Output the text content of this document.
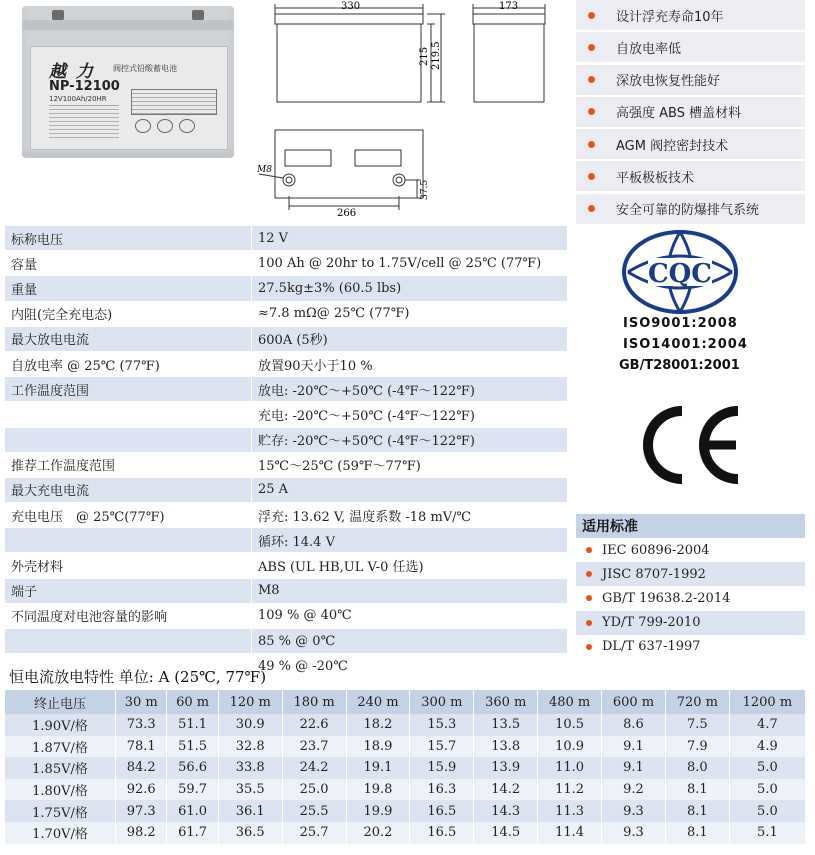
越 力 阀控式铅酸蓄电池
NP-12100
12V100Ah/20HR
330
215 219.5
173
M8
266
37.5
设计浮充寿命10年
自放电率低
深放电恢复性能好
高强度 ABS 槽盖材料
AGM 阀控密封技术
平板极板技术
安全可靠的防爆排气系统
标称电压	12 V
容量	100 Ah @ 20hr to 1.75V/cell @ 25℃ (77℉)
重量	27.5kg±3% (60.5 lbs)
内阻(完全充电态)	≈7.8 mΩ@ 25℃ (77℉)
最大放电电流	600A (5秒)
自放电率 @ 25℃ (77℉)	放置90天小于10 %
工作温度范围	放电: -20℃～+50℃ (-4℉～122℉)
	充电: -20℃～+50℃ (-4℉～122℉)
	贮存: -20℃～+50℃ (-4℉～122℉)
推荐工作温度范围	15℃～25℃ (59℉～77℉)
最大充电电流	25 A
充电电压　@ 25℃(77℉)	浮充: 13.62 V, 温度系数 -18 mV/℃
	循环: 14.4 V
外壳材料	ABS (UL HB,UL V-0 任选)
端子	M8
不同温度对电池容量的影响	109 % @ 40℃
	85 % @ 0℃
	49 % @ -20℃
CQC
ISO9001:2008
ISO14001:2004
GB/T28001:2001
CE
适用标准
IEC 60896-2004
JISC 8707-1992
GB/T 19638.2-2014
YD/T 799-2010
DL/T 637-1997
恒电流放电特性 单位: A (25℃, 77℉)
终止电压	30 m	60 m	120 m	180 m	240 m	300 m	360 m	480 m	600 m	720 m	1200 m
1.90V/格	73.3	51.1	30.9	22.6	18.2	15.3	13.5	10.5	8.6	7.5	4.7
1.87V/格	78.1	51.5	32.8	23.7	18.9	15.7	13.8	10.9	9.1	7.9	4.9
1.85V/格	84.2	56.6	33.8	24.2	19.1	15.9	13.9	11.0	9.1	8.0	5.0
1.80V/格	92.6	59.7	35.5	25.0	19.8	16.3	14.2	11.2	9.2	8.1	5.0
1.75V/格	97.3	61.0	36.1	25.5	19.9	16.5	14.3	11.3	9.3	8.1	5.0
1.70V/格	98.2	61.7	36.5	25.7	20.2	16.5	14.5	11.4	9.3	8.1	5.1
